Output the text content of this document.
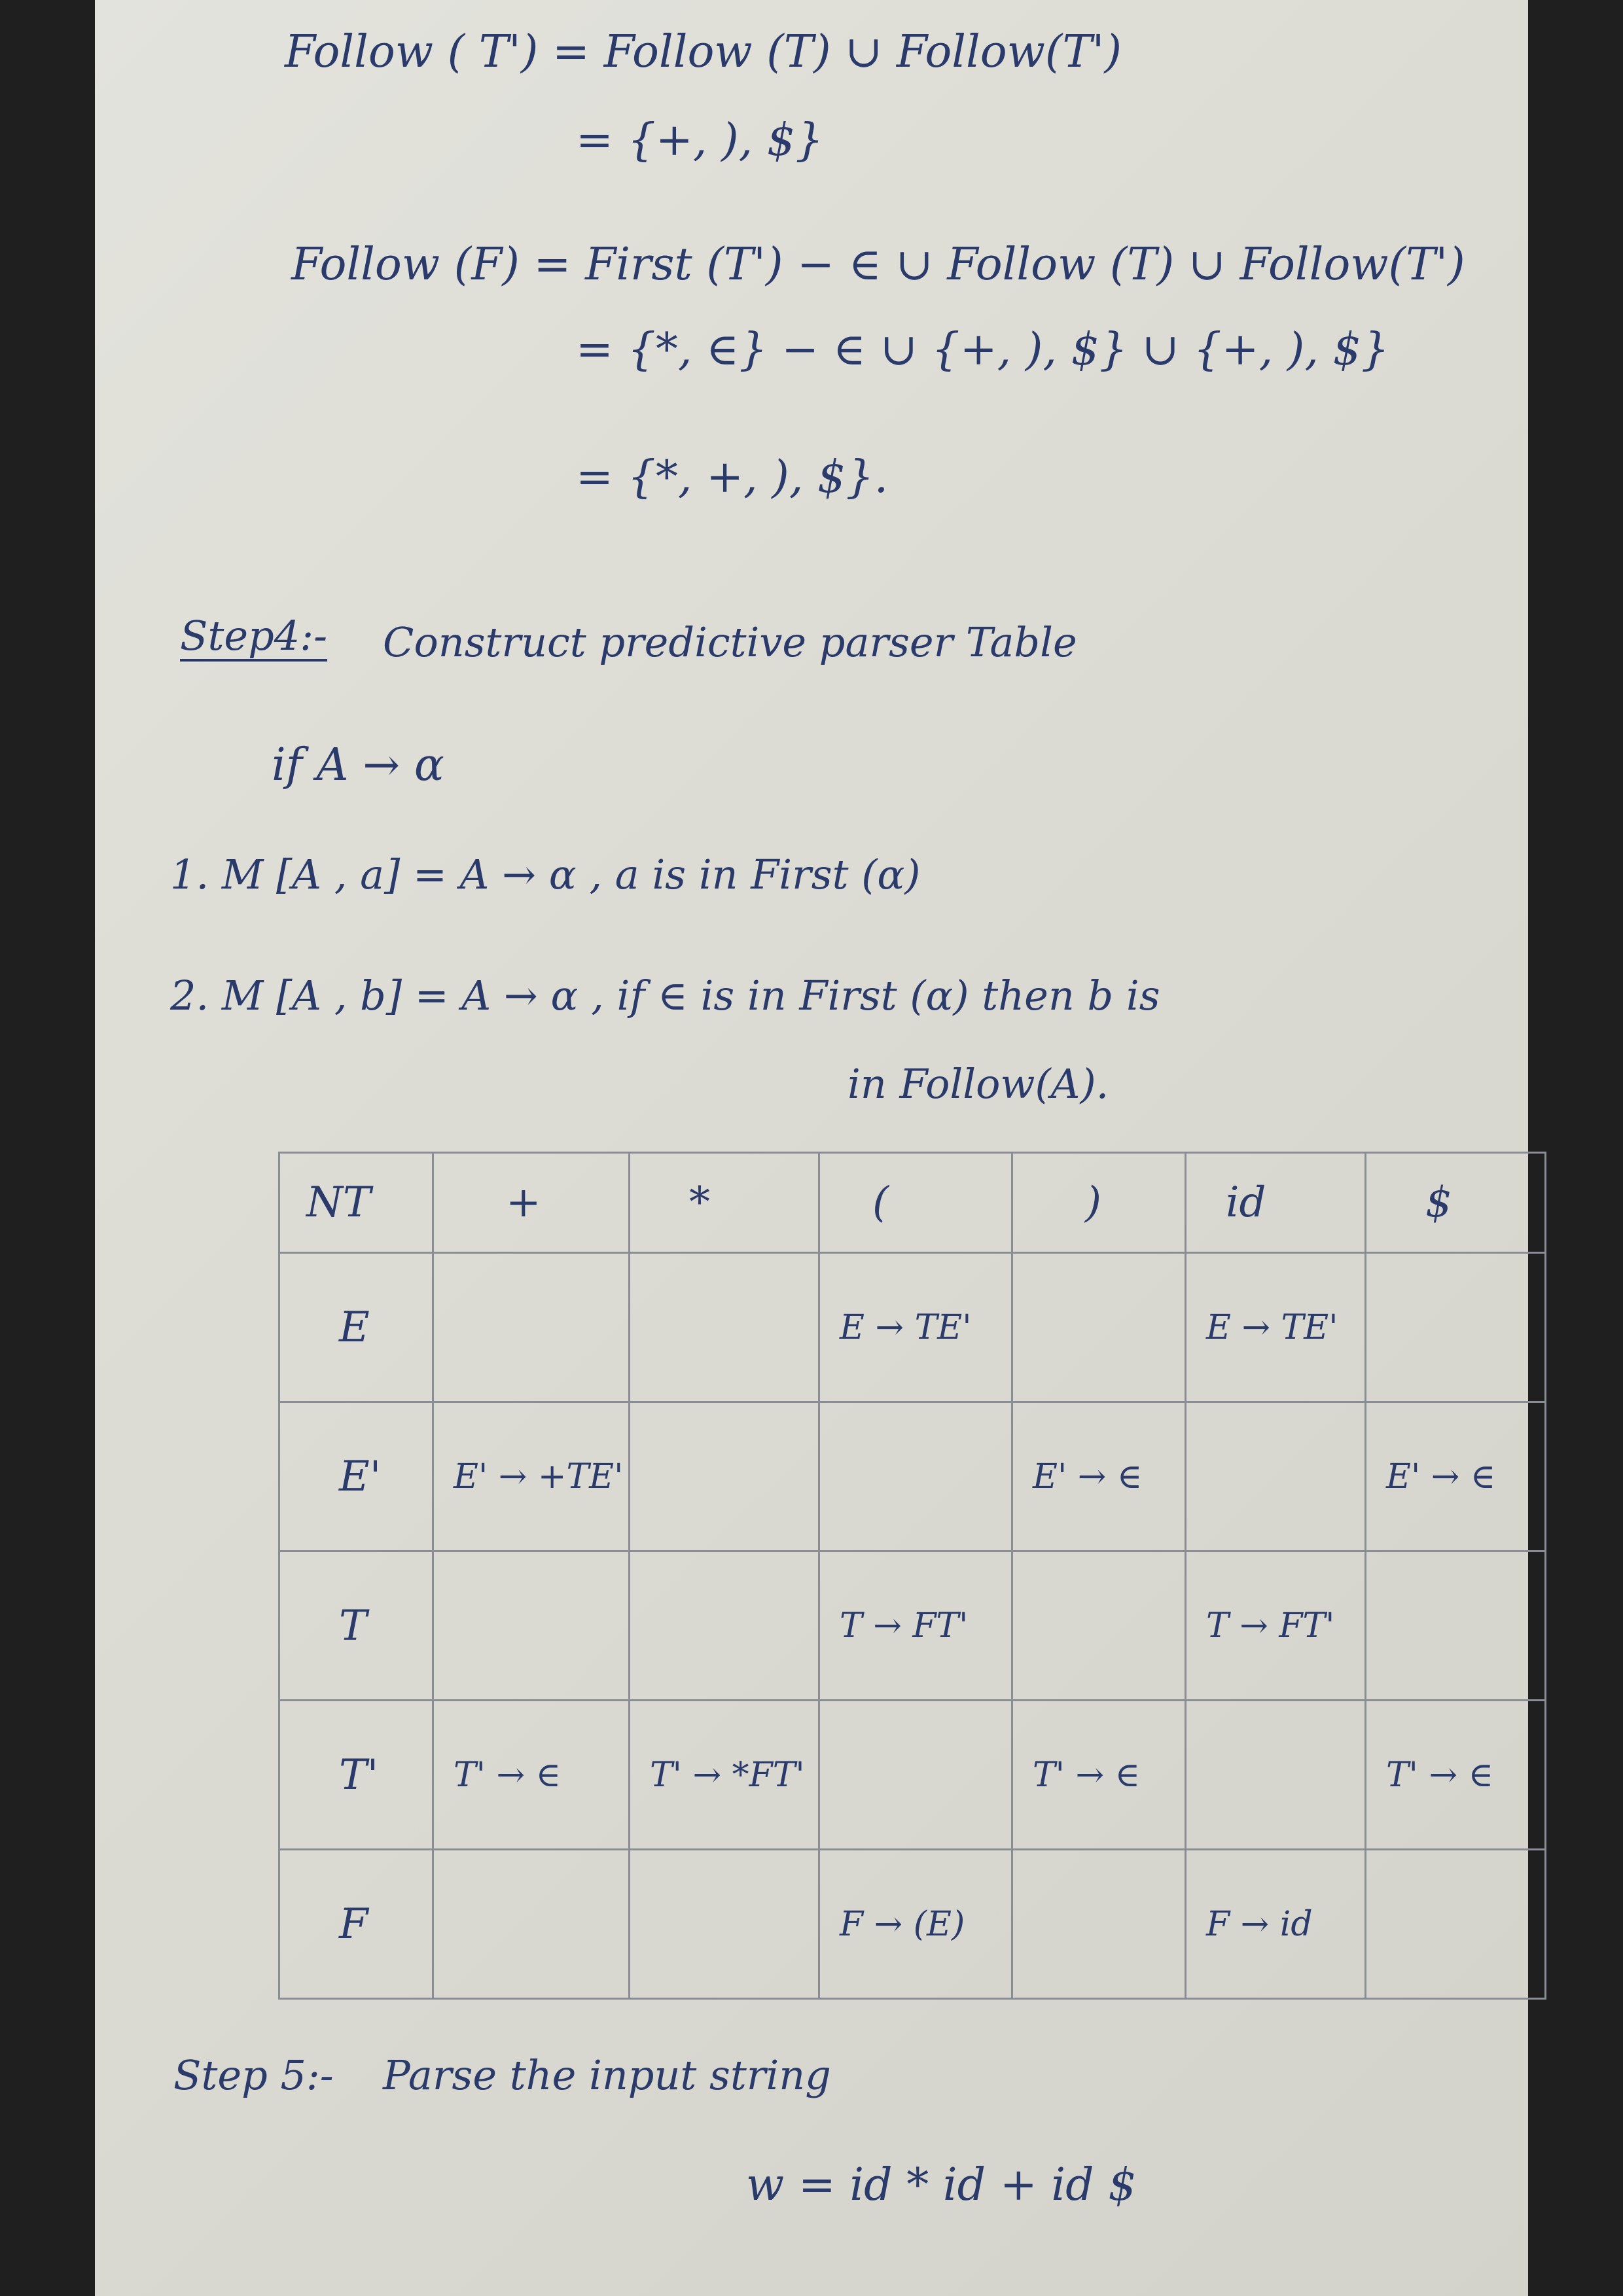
Follow ( T') = Follow (T) ∪ Follow(T')
= {+, ), $}
Follow (F) = First (T') − ∈ ∪ Follow (T) ∪ Follow(T')
= {*, ∈} − ∈ ∪ {+, ), $} ∪ {+, ), $}
= {*, +, ), $}.
Step4:- Construct predictive parser Table
if A → α
1. M [A , a] = A → α , a is in First (α)
2. M [A , b] = A → α , if ∈ is in First (α) then b is
in Follow(A).
NT	+	*	(	)	id	$
E			E → TE'		E → TE'	
E'	E' → +TE'			E' → ∈		E' → ∈
T			T → FT'		T → FT'	
T'	T' → ∈	T' → *FT'		T' → ∈		T' → ∈
F			F → (E)		F → id	
Step 5:- Parse the input string
w = id * id + id $
